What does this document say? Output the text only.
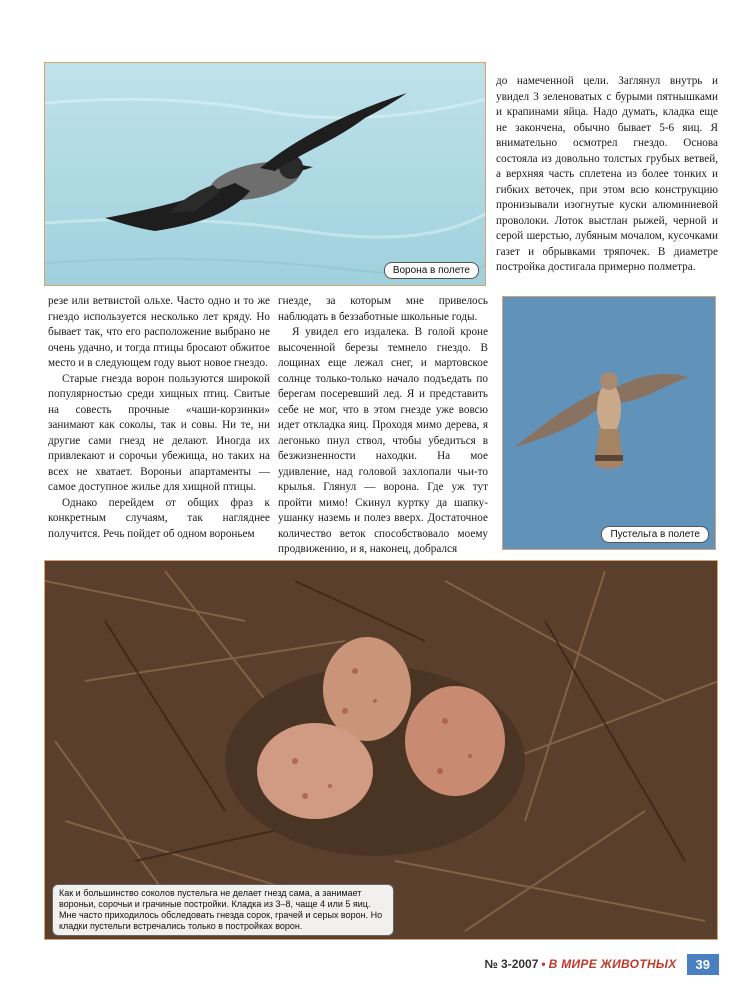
Ворона в полете

до намеченной цели. Заглянул внутрь и увидел 3 зеленоватых с бурыми пятнышками и крапинами яйца. Надо думать, кладка еще не закончена, обычно бывает 5-6 яиц. Я внимательно осмотрел гнездо. Основа состояла из довольно толстых грубых ветвей, а верхняя часть сплетена из более тонких и гибких веточек, при этом всю конструкцию пронизывали изогнутые куски алюминиевой проволоки. Лоток выстлан рыжей, черной и серой шерстью, лубяным мочалом, кусочками газет и обрывками тряпочек. В диаметре постройка достигала примерно полметра.

резе или ветвистой ольхе. Часто одно и то же гнездо используется несколько лет кряду. Но бывает так, что его расположение выбрано не очень удачно, и тогда птицы бросают обжитое место и в следующем году вьют новое гнездо.

Старые гнезда ворон пользуются широкой популярностью среди хищных птиц. Свитые на совесть прочные «чаши-корзинки» занимают как соколы, так и совы. Ни те, ни другие сами гнезд не делают. Иногда их привлекают и сорочьи убежища, но таких на всех не хватает. Вороньи апартаменты — самое доступное жилье для хищной птицы.

Однако перейдем от общих фраз к конкретным случаям, так нагляднее получится. Речь пойдет об одном вороньем

гнезде, за которым мне привелось наблюдать в беззаботные школьные годы.

Я увидел его издалека. В голой кроне высоченной березы темнело гнездо. В лощинах еще лежал снег, и мартовское солнце только-только начало подъедать по берегам посеревший лед. Я и представить себе не мог, что в этом гнезде уже вовсю идет откладка яиц. Проходя мимо дерева, я легонько пнул ствол, чтобы убедиться в безжизненности находки. На мое удивление, над головой захлопали чьи-то крылья. Глянул — ворона. Где уж тут пройти мимо! Скинул куртку да шапку-ушанку наземь и полез вверх. Достаточное количество веток способствовало моему продвижению, и я, наконец, добрался

Пустельга в полете
Как и большинство соколов пустельга не делает гнезд сама, а занимает вороньи, сорочьи и грачиные постройки. Кладка из 3–8, чаще 4 или 5 яиц. Мне часто приходилось обследовать гнезда сорок, грачей и серых ворон. Но кладки пустельги встречались только в постройках ворон.
№ 3-2007 • В МИРЕ ЖИВОТНЫХ	39
